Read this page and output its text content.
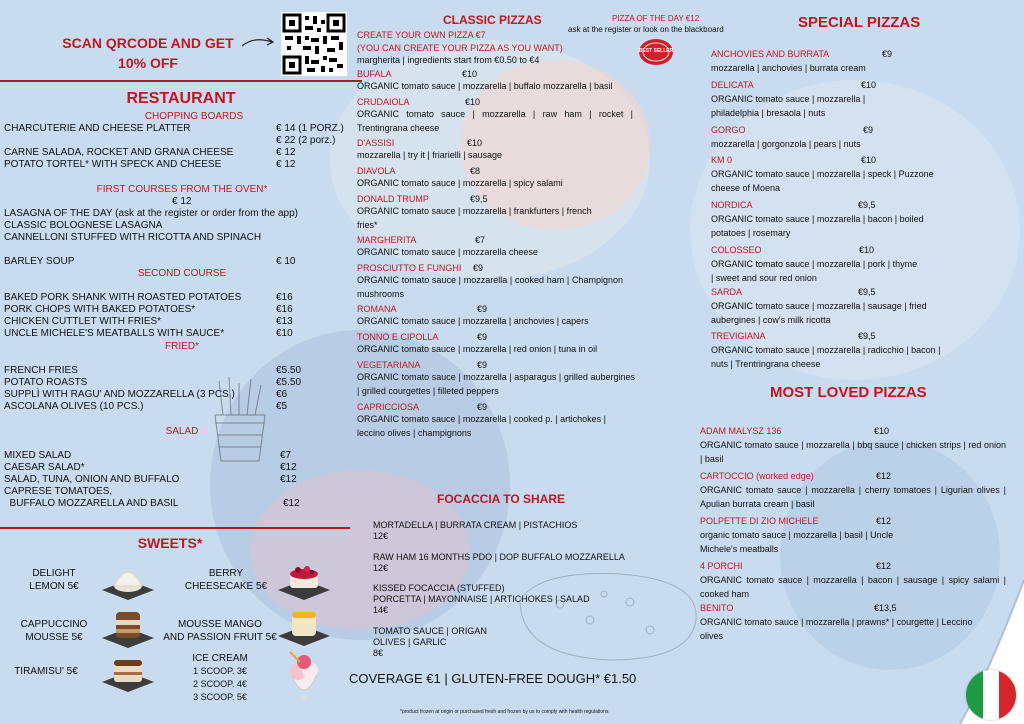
SCAN QRCODE AND GET
10% OFF
RESTAURANT
CHOPPING BOARDS
CHARCUTERIE AND CHEESE PLATTER	€ 14 (1 PORZ.)
€ 22 (2 porz.)
CARNE SALADA, ROCKET AND GRANA CHEESE	€ 12
POTATO TORTEL* WITH SPECK AND CHEESE	€ 12
FIRST COURSES FROM THE OVEN*
€ 12
LASAGNA OF THE DAY (ask at the register or order from the app)
CLASSIC BOLOGNESE LASAGNA
CANNELLONI STUFFED WITH RICOTTA AND SPINACH
BARLEY SOUP	€ 10
SECOND COURSE
BAKED PORK SHANK WITH ROASTED POTATOES	€16
PORK CHOPS WITH BAKED POTATOES*	€16
CHICKEN CUTTLET WITH FRIES*	€13
UNCLE MICHELE'S MEATBALLS WITH SAUCE*	€10
FRIED*
FRENCH FRIES	€5.50
POTATO ROASTS	€5.50
SUPPLÌ WITH RAGU' AND MOZZARELLA (3 PCS.)	€6
ASCOLANA OLIVES (10 PCS.)	€5
SALAD
MIXED SALAD	€7
CAESAR SALAD*	€12
SALAD, TUNA, ONION AND BUFFALO	€12
CAPRESE TOMATOES,
BUFFALO MOZZARELLA AND BASIL	€12
SWEETS*
DELIGHT
LEMON 5€
BERRY
CHEESECAKE 5€
CAPPUCCINO
MOUSSE 5€
MOUSSE MANGO
AND PASSION FRUIT 5€
TIRAMISU' 5€
ICE CREAM
1 SCOOP. 3€
2 SCOOP. 4€
3 SCOOP. 5€
CLASSIC PIZZAS
CREATE YOUR OWN PIZZA €7
(YOU CAN CREATE YOUR PIZZA AS YOU WANT)
margherita | ingredients start from €0.50 to €4
BUFALA	€10
ORGANIC tomato sauce | mozzarella | buffalo mozzarella | basil
CRUDAIOLA	€10
ORGANIC tomato sauce | mozzarella | raw ham | rocket | Trentingrana cheese
D'ASSISI	€10
mozzarella | try it | friarielli | sausage
DIAVOLA	€8
ORGANIC tomato sauce | mozzarella | spicy salami
DONALD TRUMP	€9,5
ORGANIC tomato sauce | mozzarella | frankfurters | french fries*
MARGHERITA	€7
ORGANIC tomato sauce | mozzarella cheese
PROSCIUTTO E FUNGHI €9
ORGANIC tomato sauce | mozzarella | cooked ham | Champignon mushrooms
ROMANA	€9
ORGANIC tomato sauce | mozzarella | anchovies | capers
TONNO E CIPOLLA	€9
ORGANIC tomato sauce | mozzarella | red onion | tuna in oil
VEGETARIANA	€9
ORGANIC tomato sauce | mozzarella | asparagus | grilled aubergines | grilled courgettes | filleted peppers
CAPRICCIOSA	€9
ORGANIC tomato sauce | mozzarella | cooked p. | artichokes | leccino olives | champignons
PIZZA OF THE DAY €12
ask at the register or look on the blackboard
BEST SELLER
FOCACCIA TO SHARE
MORTADELLA | BURRATA CREAM | PISTACHIOS
12€
RAW HAM 16 MONTHS PDO | DOP BUFFALO MOZZARELLA
12€
KISSED FOCACCIA (STUFFED)
PORCETTA | MAYONNAISE | ARTICHOKES | SALAD
14€
TOMATO SAUCE | ORIGAN
OLIVES | GARLIC
8€
COVERAGE €1 | GLUTEN-FREE DOUGH* €1.50
*product frozen at origin or purchased fresh and frozen by us to comply with health regulations
SPECIAL PIZZAS
ANCHOVIES AND BURRATA	€9
mozzarella | anchovies | burrata cream
DELICATA	€10
ORGANIC tomato sauce | mozzarella | philadelphia | bresaola | nuts
GORGO	€9
mozzarella | gorgonzola | pears | nuts
KM 0	€10
ORGANIC tomato sauce | mozzarella | speck | Puzzone cheese of Moena
NORDICA	€9,5
ORGANIC tomato sauce | mozzarella | bacon | boiled potatoes | rosemary
COLOSSEO	€10
ORGANIC tomato sauce | mozzarella | pork | thyme | sweet and sour red onion
SARDA	€9,5
ORGANIC tomato sauce | mozzarella | sausage | fried aubergines | cow's milk ricotta
TREVIGIANA	€9,5
ORGANIC tomato sauce | mozzarella | radicchio | bacon | nuts | Trentringrana cheese
MOST LOVED PIZZAS
ADAM MALYSZ 136	€10
ORGANIC tomato sauce | mozzarella | bbq sauce | chicken strips | red onion | basil
CARTOCCIO (worked edge)	€12
ORGANIC tomato sauce | mozzarella | cherry tomatoes | Ligurian olives | Apulian burrata cream | basil
POLPETTE DI ZIO MICHELE	€12
organic tomato sauce | mozzarella | basil | Uncle Michele's meatballs
4 PORCHI	€12
ORGANIC tomato sauce | mozzarella | bacon | sausage | spicy salami | cooked ham
BENITO	€13,5
ORGANIC tomato sauce | mozzarella | prawns* | courgette | Leccino olives
